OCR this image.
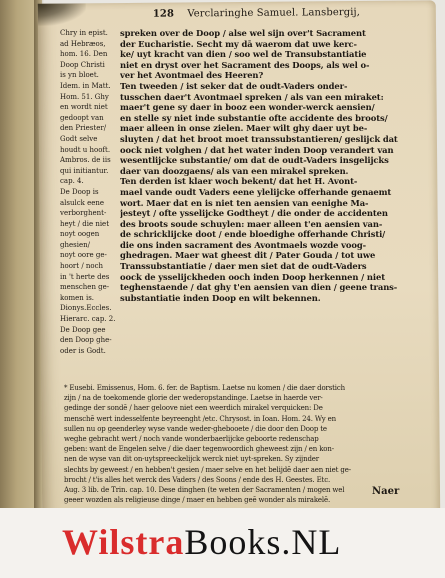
128 Verclaringhe Samuel. Lansbergij,
Chry in epist.
ad Hebræos,
hom. 16. Den
Doop Christi
is yn bloet.
Idem. in Matt.
Hom. 51. Ghy
en wordt niet
gedoopt van
den Priester/
Godt selve
houdt u hooft.
Ambros. de iis
qui initiantur.
cap. 4.
De Doop is
alsulck eene
verborghent-
heyt / die niet
noyt oogen
ghesien/
noyt oore ge-
hoort / noch
in 't herte des
menschen ge-
komen is.
Dionys.Eccles.
Hierarc. cap. 2.
De Doop gee
den Doop ghe-
oder is Godt.
spreken over de Doop / alse wel sijn over't Sacrament
der Eucharistie. Secht my dā waerom dat uwe kerc-
ke/ uyt kracht van dien / soo wel de Transubstantiatie
niet en dryst over het Sacrament des Doops, als wel o-
ver het Avontmael des Heeren?
Ten tweeden / ist seker dat de oudt-Vaders onder-
tusschen daer't Avontmael spreken / als van een miraket:
maer't gene sy daer in booz een wonder-werck aensien/
en stelle sy niet inde substantie ofte accidente des broots/
maer alleen in onse zielen. Maer wilt ghy daer uyt be-
sluyten / dat het broot moet transsubstantieren/ geslijck dat
oock niet volghen / dat het water inden Doop verandert van
wesentlijcke substantie/ om dat de oudt-Vaders insgelijcks
daer van doozgaens/ als van een mirakel spreken.
Ten derden ist klaer woch bekent/ dat het H. Avont-
mael vande oudt Vaders eene ylelijcke offerhande genaemt
wort. Maer dat en is niet ten aensien van eenighe Ma-
jesteyt / ofte ysselijcke Godtheyt / die onder de accidenten
des broots soude schuylen: maer alleen t'en aensien van-
de schricklijcke doot / ende bloedighe offerhande Christi/
die ons inden sacrament des Avontmaels wozde voog-
ghedragen. Maer wat gheest dit / Pater Gouda / tot uwe
Transsubstantiatie / daer men siet dat de oudt-Vaders
oock de ysselijckheden ooch inden Doop herkennen / niet
teghenstaende / dat ghy t'en aensien van dien / geene trans-
substantiatie inden Doop en wilt bekennen.
* Eusebi. Emissenus, Hom. 6. fer. de Baptism. Laetse nu komen / die daer dorstich
zijn / na de toekomende glorie der wederopstandinge. Laetse in haerde ver-
gedinge der sondē / haer geloove niet een weerdich mirakel verquicken: De
menschē wert indesselfente beyreenght /etc. Chrysost. in Ioan. Hom. 24. Wy en
sullen nu op geenderley wyse vande weder-ghebooete / die door den Doop te
weghe gebracht wert / noch vande wonderbaerlijcke geboorte redenschap
geben: want de Engelen selve / die daer tegenwoordich gheweest zijn / en kon-
nen de wyse van dit on-uytspreeckelijck werck niet uyt-spreken. Sy zijnder
slechts by geweest / en hebben't gesien / maer selve en het belijdē daer aen niet ge-
brocht / t'is alles het werck des Vaders / des Soons / ende des H. Geestes. Etc.
Aug. 3 lib. de Trin. cap. 10. Dese dinghen (te weten der Sacramenten / mogen wel
geeer wozden als religieuse dinge / maer en hebben geē wonder als mirakelē.
Naer
WilstraBooks.NL
